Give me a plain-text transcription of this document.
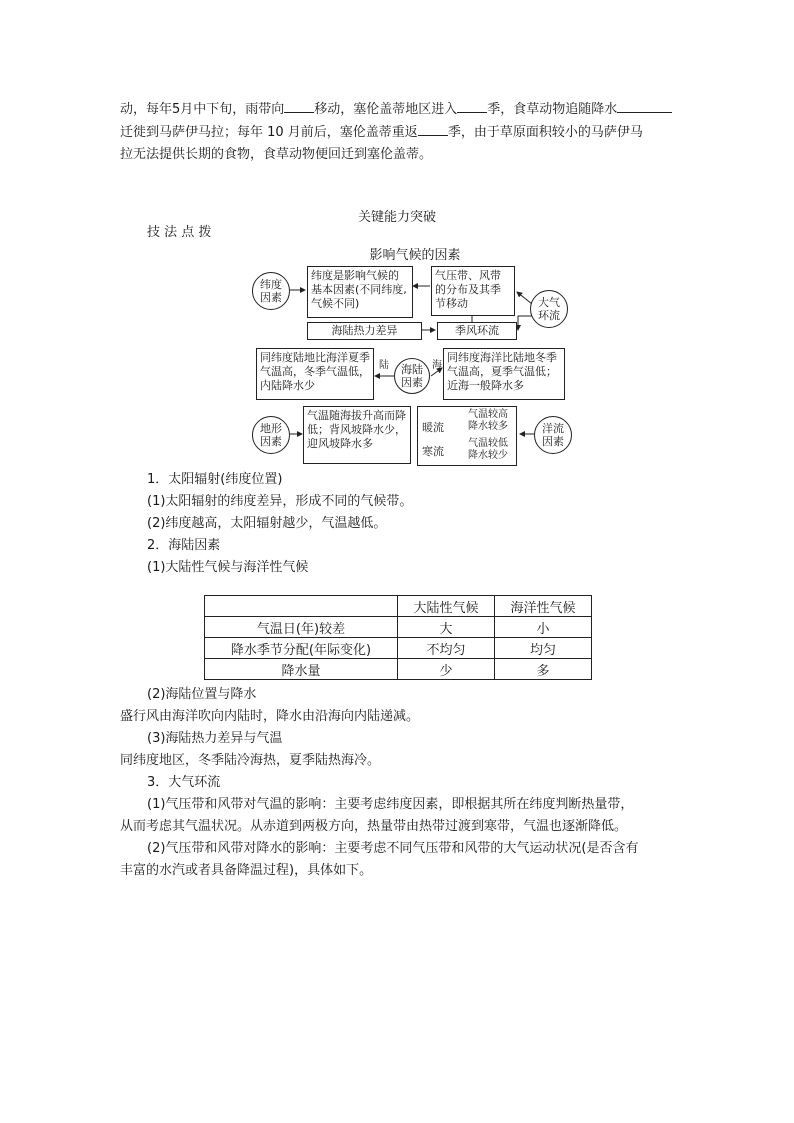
动，每年5月中下旬，雨带向 移动，塞伦盖蒂地区进入 季，食草动物追随降水
迁徙到马萨伊马拉；每年 10 月前后，塞伦盖蒂重返 季，由于草原面积较小的马萨伊马
拉无法提供长期的食物，食草动物便回迁到塞伦盖蒂。
关键能力突破
技 法 点 拨
影响气候的因素
纬度
因素
纬度是影响气候的基本因素(不同纬度,气候不同)
气压带、风带的分布及其季节移动	大气
环流
海陆热力差异	季风环流
同纬度陆地比海洋夏季气温高，冬季气温低，内陆降水少
陆	海陆
因素
海
同纬度海洋比陆地冬季气温高，夏季气温低；近海一般降水多
地形
因素
气温随海拔升高而降低；背风坡降水少，迎风坡降水多
暖流
寒流
气温较高
降水较多
气温较低
降水较少
洋流
因素
1．太阳辐射(纬度位置)
(1)太阳辐射的纬度差异，形成不同的气候带。
(2)纬度越高，太阳辐射越少，气温越低。
2．海陆因素
(1)大陆性气候与海洋性气候
	大陆性气候	海洋性气候
气温日(年)较差	大	小
降水季节分配(年际变化)	不均匀	均匀
降水量	少	多
(2)海陆位置与降水
盛行风由海洋吹向内陆时，降水由沿海向内陆递减。
(3)海陆热力差异与气温
同纬度地区，冬季陆冷海热，夏季陆热海冷。
3．大气环流
(1)气压带和风带对气温的影响：主要考虑纬度因素，即根据其所在纬度判断热量带，
从而考虑其气温状况。从赤道到两极方向，热量带由热带过渡到寒带，气温也逐渐降低。
(2)气压带和风带对降水的影响：主要考虑不同气压带和风带的大气运动状况(是否含有
丰富的水汽或者具备降温过程)，具体如下。
